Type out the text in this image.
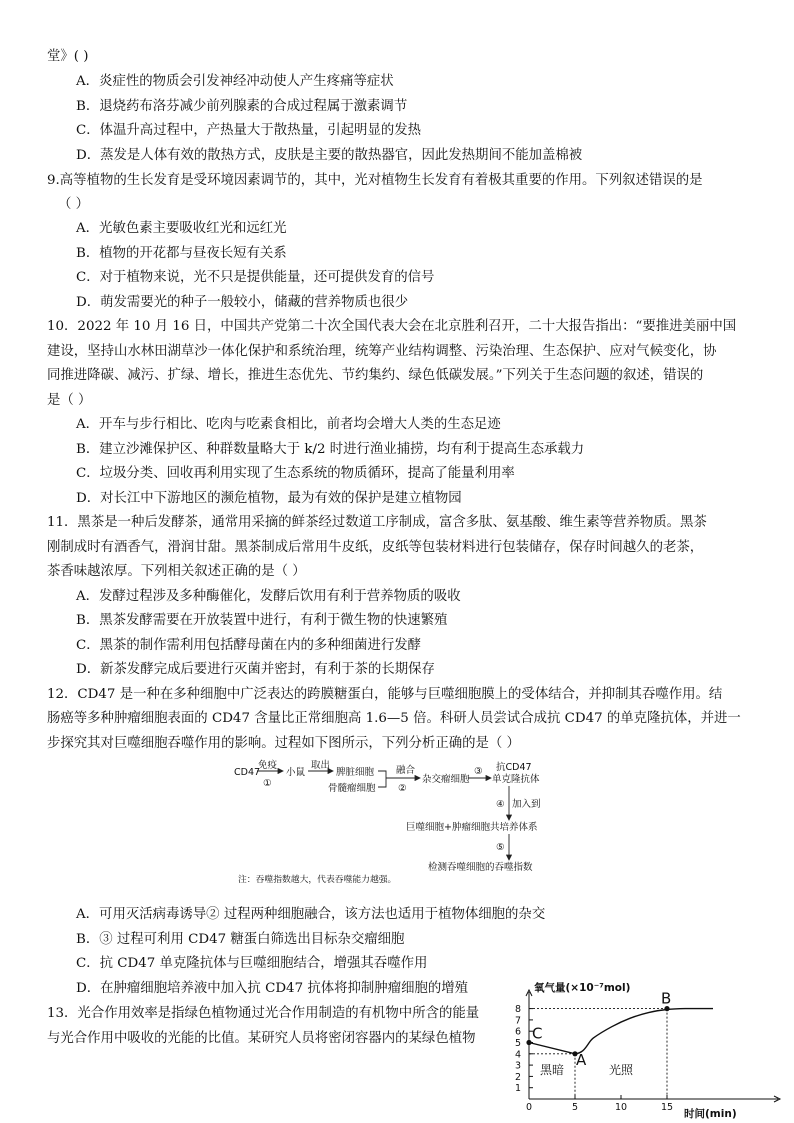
堂》( )
A．炎症性的物质会引发神经冲动使人产生疼痛等症状
B．退烧药布洛芬减少前列腺素的合成过程属于激素调节
C．体温升高过程中，产热量大于散热量，引起明显的发热
D．蒸发是人体有效的散热方式，皮肤是主要的散热器官，因此发热期间不能加盖棉被
9.高等植物的生长发育是受环境因素调节的，其中，光对植物生长发育有着极其重要的作用。下列叙述错误的是
（ ）
A．光敏色素主要吸收红光和远红光
B．植物的开花都与昼夜长短有关系
C．对于植物来说，光不只是提供能量，还可提供发育的信号
D．萌发需要光的种子一般较小，储藏的营养物质也很少
10．2022 年 10 月 16 日，中国共产党第二十次全国代表大会在北京胜利召开，二十大报告指出：“要推进美丽中国
建设，坚持山水林田湖草沙一体化保护和系统治理，统筹产业结构调整、污染治理、生态保护、应对气候变化，协
同推进降碳、减污、扩绿、增长，推进生态优先、节约集约、绿色低碳发展。”下列关于生态问题的叙述，错误的
是（ ）
A．开车与步行相比、吃肉与吃素食相比，前者均会增大人类的生态足迹
B．建立沙滩保护区、种群数量略大于 k/2 时进行渔业捕捞，均有利于提高生态承载力
C．垃圾分类、回收再利用实现了生态系统的物质循环，提高了能量利用率
D．对长江中下游地区的濒危植物，最为有效的保护是建立植物园
11．黑茶是一种后发酵茶，通常用采摘的鲜茶经过数道工序制成，富含多肽、氨基酸、维生素等营养物质。黑茶
刚制成时有酒香气，滑润甘甜。黑茶制成后常用牛皮纸，皮纸等包装材料进行包装储存，保存时间越久的老茶，
茶香味越浓厚。下列相关叙述正确的是（ ）
A．发酵过程涉及多种酶催化，发酵后饮用有利于营养物质的吸收
B．黑茶发酵需要在开放装置中进行，有利于微生物的快速繁殖
C．黑茶的制作需利用包括酵母菌在内的多种细菌进行发酵
D．新茶发酵完成后要进行灭菌并密封，有利于茶的长期保存
12．CD47 是一种在多种细胞中广泛表达的跨膜糖蛋白，能够与巨噬细胞膜上的受体结合，并抑制其吞噬作用。结
肠癌等多种肿瘤细胞表面的 CD47 含量比正常细胞高 1.6—5 倍。科研人员尝试合成抗 CD47 的单克隆抗体，并进一
步探究其对巨噬细胞吞噬作用的影响。过程如下图所示，下列分析正确的是（ ）
CD47
免疫
①
小鼠
取出
脾脏细胞
骨髓瘤细胞
融合
②
杂交瘤细胞
③ 抗CD47
单克隆抗体
④ 加入到
巨噬细胞+肿瘤细胞共培养体系
⑤
检测吞噬细胞的吞噬指数
注：吞噬指数越大，代表吞噬能力越强。
A．可用灭活病毒诱导② 过程两种细胞融合，该方法也适用于植物体细胞的杂交
B．③ 过程可利用 CD47 糖蛋白筛选出目标杂交瘤细胞
C．抗 CD47 单克隆抗体与巨噬细胞结合，增强其吞噬作用
D．在肿瘤细胞培养液中加入抗 CD47 抗体将抑制肿瘤细胞的增殖
13．光合作用效率是指绿色植物通过光合作用制造的有机物中所含的能量
与光合作用中吸收的光能的比值。某研究人员将密闭容器内的某绿色植物
1
2
3
4
5
6
7
8
0	5	10	15
氧气量(×10⁻⁷mol)
时间(min)
C
A
B
黑暗	光照
